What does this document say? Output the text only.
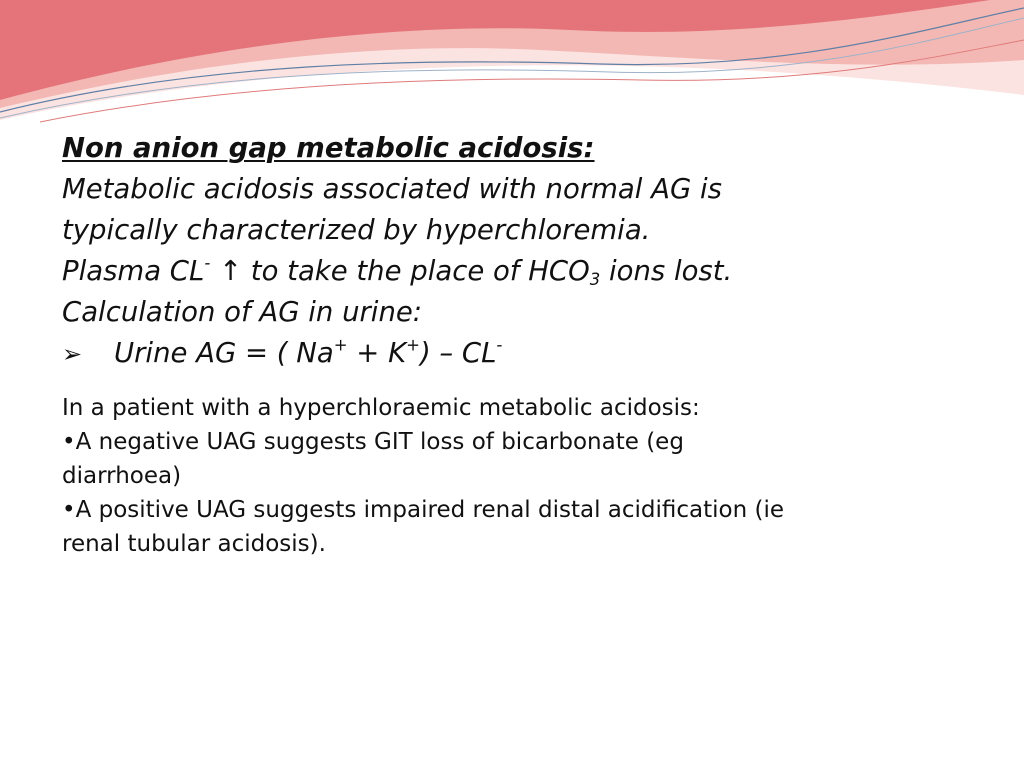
Non anion gap metabolic acidosis:
Metabolic acidosis associated with normal AG is
typically characterized by hyperchloremia.
Plasma CL- ↑ to take the place of $HCO_3$ ions lost.
Calculation of AG in urine:
➢	Urine AG = ( Na+ + K+) – CL-
In a patient with a hyperchloraemic metabolic acidosis:
•A negative UAG suggests GIT loss of bicarbonate (eg
diarrhoea)
•A positive UAG suggests impaired renal distal acidification (ie
renal tubular acidosis).
